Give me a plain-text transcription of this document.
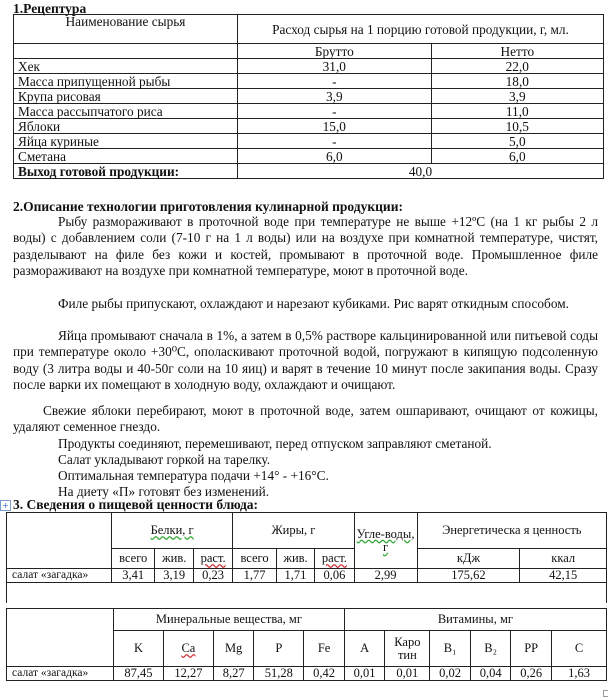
1.Рецептура
Наименование сырья	Расход сырья на 1 порцию готовой продукции, г, мл.	

	Брутто	Нетто
Хек	31,0	22,0
Масса припущенной рыбы	-	18,0
Крупа рисовая	3,9	3,9
Масса рассыпчатого риса	-	11,0
Яблоки	15,0	10,5
Яйца куриные	-	5,0
Сметана	6,0	6,0
Выход готовой продукции:	40,0	
2.Описание технологии приготовления кулинарной продукции:
Рыбу размораживают в проточной воде при температуре не выше +12ºС (на 1 кг рыбы 2 л воды) с добавлением соли (7-10 г на 1 л воды) или на воздухе при комнатной температуре, чистят, разделывают на филе без кожи и костей, промывают в проточной воде. Промышленное филе размораживают на воздухе при комнатной температуре, моют в проточной воде.
Филе рыбы припускают, охлаждают и нарезают кубиками. Рис варят откидным способом.
Яйца промывают сначала в 1%, а затем в 0,5% растворе кальцинированной или питьевой соды при температуре около +30⁰С, ополаскивают проточной водой, погружают в кипящую подсоленную воду (3 литра воды и 40-50г соли на 10 яиц) и варят в течение 10 минут после закипания воды. Сразу после варки их помещают в холодную воду, охлаждают и очищают.
Свежие яблоки перебирают, моют в проточной воде, затем ошпаривают, очищают от кожицы, удаляют семенное гнездо.
Продукты соединяют, перемешивают, перед отпуском заправляют сметаной.
Салат укладывают горкой на тарелку.
Оптимальная температура подачи +14° - +16°С.
На диету «П» готовят без изменений.
+ 3. Сведения о пищевой ценности блюда:
	Белки, г			Жиры, г			Угле-воды, г	Энергетическа я ценность	
	всего	жив.	раст.	всего	жив.	раст.		кДж	ккал
салат «загадка»	3,41	3,19	0,23	1,77	1,71	0,06	2,99	175,62	42,15

	Минеральные вещества, мг					Витамины, мг					
	K	Ca	Mg	P	Fe	A	Каро тин	B₁	B₂	PP	C
салат «загадка»	87,45	12,27	8,27	51,28	0,42	0,01	0,01	0,02	0,04	0,26	1,63
